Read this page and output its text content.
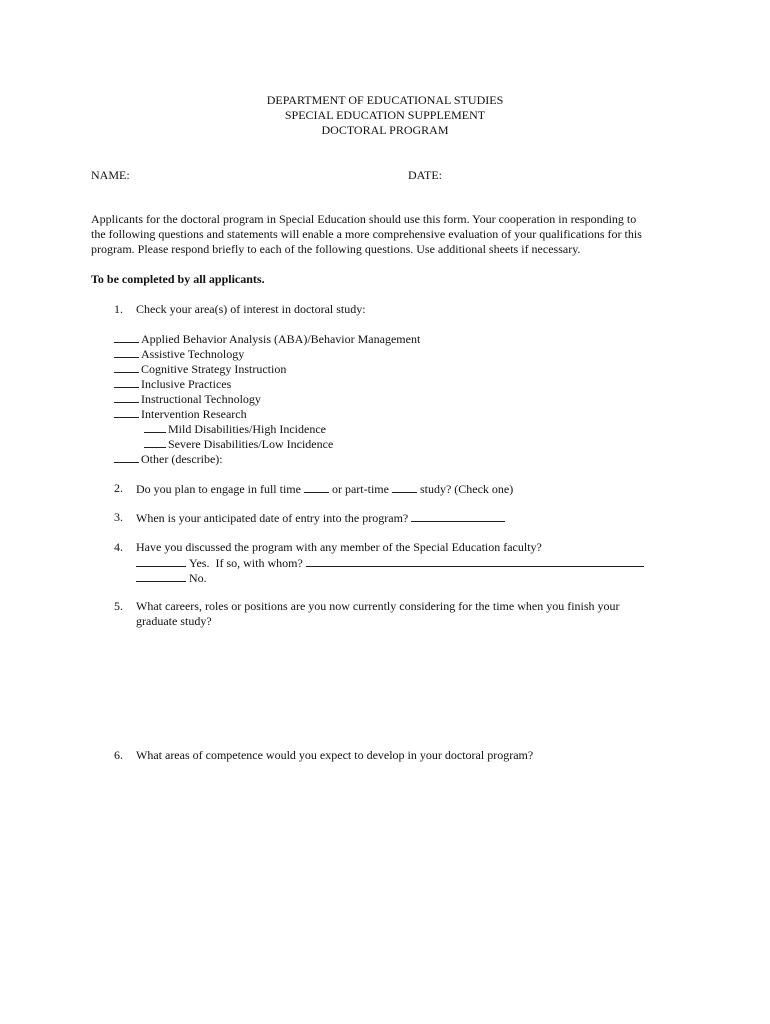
DEPARTMENT OF EDUCATIONAL STUDIES
SPECIAL EDUCATION SUPPLEMENT
DOCTORAL PROGRAM
NAME:	DATE:
Applicants for the doctoral program in Special Education should use this form. Your cooperation in responding to
the following questions and statements will enable a more comprehensive evaluation of your qualifications for this
program. Please respond briefly to each of the following questions. Use additional sheets if necessary.
To be completed by all applicants.
1. Check your area(s) of interest in doctoral study:
Applied Behavior Analysis (ABA)/Behavior Management
Assistive Technology
Cognitive Strategy Instruction
Inclusive Practices
Instructional Technology
Intervention Research
Mild Disabilities/High Incidence
Severe Disabilities/Low Incidence
Other (describe):
2. Do you plan to engage in full time	or part-time	study? (Check one)
3. When is your anticipated date of entry into the program?
4. Have you discussed the program with any member of the Special Education faculty?
Yes.  If so, with whom?
No.
5. What careers, roles or positions are you now currently considering for the time when you finish your
graduate study?
6. What areas of competence would you expect to develop in your doctoral program?
